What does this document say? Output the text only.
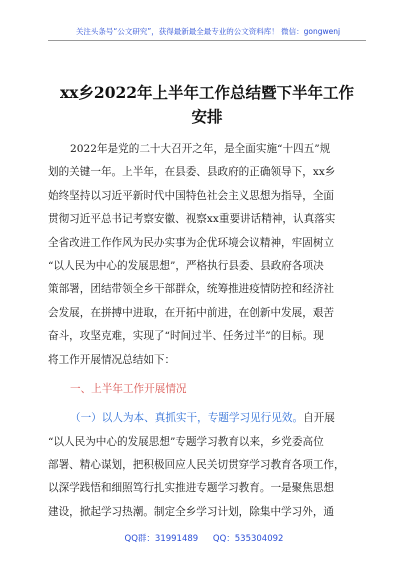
关注头条号“公文研究”，获得最新最全最专业的公文资料库！ 微信：gongwenj
xx乡2022年上半年工作总结暨下半年工作
安排
2022年是党的二十大召开之年，是全面实施“十四五”规
划的关键一年。上半年，在县委、县政府的正确领导下，xx乡
始终坚持以习近平新时代中国特色社会主义思想为指导，全面
贯彻习近平总书记考察安徽、视察xx重要讲话精神，认真落实
全省改进工作作风为民办实事为企优环境会议精神，牢固树立
“以人民为中心的发展思想”，严格执行县委、县政府各项决
策部署，团结带领全乡干部群众，统筹推进疫情防控和经济社
会发展，在拼搏中进取，在开拓中前进，在创新中发展，艰苦
奋斗，攻坚克难，实现了“时间过半、任务过半”的目标。现
将工作开展情况总结如下：
一、上半年工作开展情况
（一）以人为本、真抓实干，专题学习见行见效。自开展
“以人民为中心的发展思想”专题学习教育以来，乡党委高位
部署、精心谋划，把积极回应人民关切贯穿学习教育各项工作，
以深学践悟和细照笃行扎实推进专题学习教育。一是聚焦思想
建设，掀起学习热潮。制定全乡学习计划，除集中学习外，通
QQ群：31991489 QQ：535304092
